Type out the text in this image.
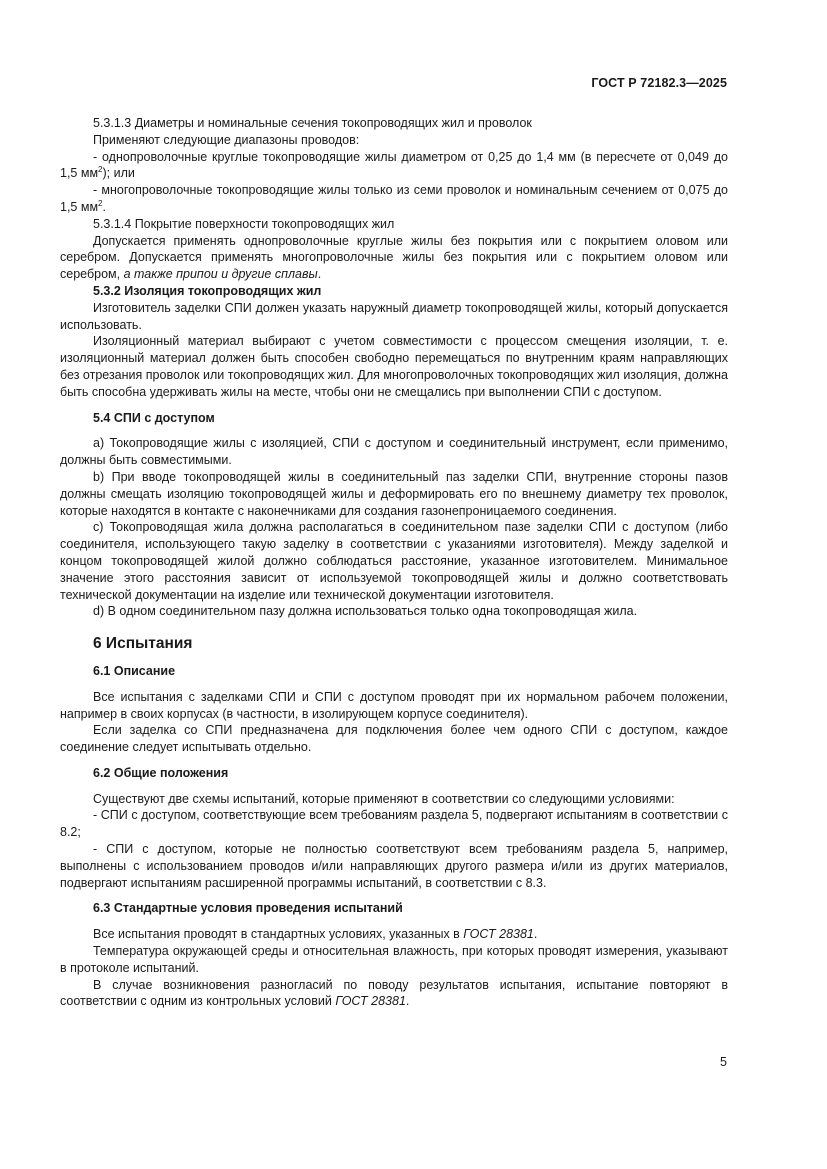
ГОСТ Р 72182.3—2025

5.3.1.3 Диаметры и номинальные сечения токопроводящих жил и проволок

Применяют следующие диапазоны проводов:

- однопроволочные круглые токопроводящие жилы диаметром от 0,25 до 1,4 мм (в пересчете от 0,049 до 1,5 $мм^2$); или

- многопроволочные токопроводящие жилы только из семи проволок и номинальным сечением от 0,075 до 1,5 $мм^2$.

5.3.1.4 Покрытие поверхности токопроводящих жил

Допускается применять однопроволочные круглые жилы без покрытия или с покрытием оловом или серебром. Допускается применять многопроволочные жилы без покрытия или с покрытием оловом или серебром, а также припои и другие сплавы.

5.3.2 Изоляция токопроводящих жил

Изготовитель заделки СПИ должен указать наружный диаметр токопроводящей жилы, который допускается использовать.

Изоляционный материал выбирают с учетом совместимости с процессом смещения изоляции, т. е. изоляционный материал должен быть способен свободно перемещаться по внутренним краям направляющих без отрезания проволок или токопроводящих жил. Для многопроволочных токопроводящих жил изоляция, должна быть способна удерживать жилы на месте, чтобы они не смещались при выполнении СПИ с доступом.

5.4 СПИ с доступом

a) Токопроводящие жилы с изоляцией, СПИ с доступом и соединительный инструмент, если применимо, должны быть совместимыми.

b) При вводе токопроводящей жилы в соединительный паз заделки СПИ, внутренние стороны пазов должны смещать изоляцию токопроводящей жилы и деформировать его по внешнему диаметру тех проволок, которые находятся в контакте с наконечниками для создания газонепроницаемого соединения.

c) Токопроводящая жила должна располагаться в соединительном пазе заделки СПИ с доступом (либо соединителя, использующего такую заделку в соответствии с указаниями изготовителя). Между заделкой и концом токопроводящей жилой должно соблюдаться расстояние, указанное изготовителем. Минимальное значение этого расстояния зависит от используемой токопроводящей жилы и должно соответствовать технической документации на изделие или технической документации изготовителя.

d) В одном соединительном пазу должна использоваться только одна токопроводящая жила.

6 Испытания
6.1 Описание

Все испытания с заделками СПИ и СПИ с доступом проводят при их нормальном рабочем положении, например в своих корпусах (в частности, в изолирующем корпусе соединителя).

Если заделка со СПИ предназначена для подключения более чем одного СПИ с доступом, каждое соединение следует испытывать отдельно.

6.2 Общие положения

Существуют две схемы испытаний, которые применяют в соответствии со следующими условиями:

- СПИ с доступом, соответствующие всем требованиям раздела 5, подвергают испытаниям в соответствии с 8.2;

- СПИ с доступом, которые не полностью соответствуют всем требованиям раздела 5, например, выполнены с использованием проводов и/или направляющих другого размера и/или из других материалов, подвергают испытаниям расширенной программы испытаний, в соответствии с 8.3.

6.3 Стандартные условия проведения испытаний

Все испытания проводят в стандартных условиях, указанных в ГОСТ 28381.

Температура окружающей среды и относительная влажность, при которых проводят измерения, указывают в протоколе испытаний.

В случае возникновения разногласий по поводу результатов испытания, испытание повторяют в соответствии с одним из контрольных условий ГОСТ 28381.

5
